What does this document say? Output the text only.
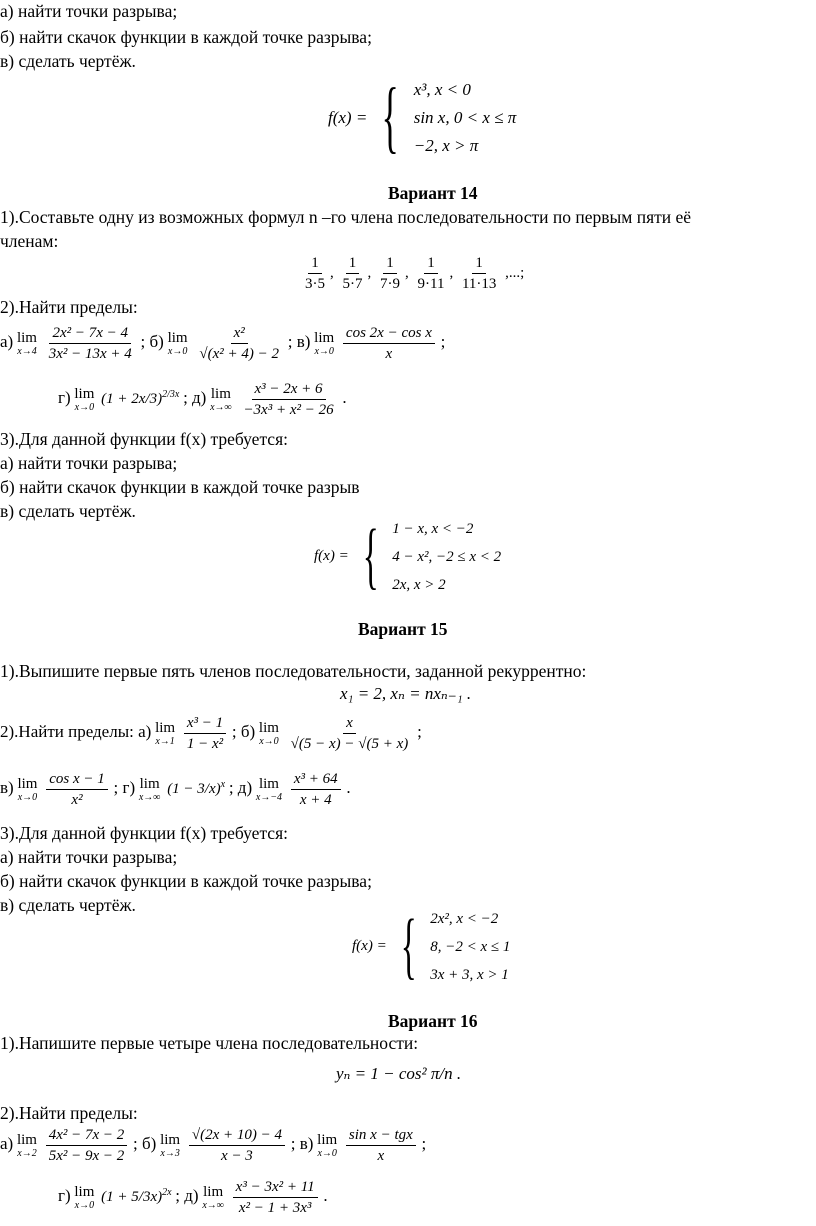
а) найти точки разрыва;
б) найти скачок функции в каждой точке разрыва;
в) сделать чертёж.
f(x) = { x³, x < 0
sin x, 0 < x ≤ π
−2, x > π
Вариант 14
1).Составьте одну из возможных формул n –го члена последовательности по первым пяти её
членам:
$\frac{1}{3\cdot 5}$ , $\frac{1}{5\cdot 7}$ , $\frac{1}{7\cdot 9}$ , $\frac{1}{9\cdot 11}$ , $\frac{1}{11\cdot 13}$ ,...;
2).Найти пределы:
а) lim
x→4
$\frac{\text{2x² − 7x − 4}}{\text{3x² − 13x + 4}}$ ; б) lim
x→0
$\frac{\text{x²}}{\text{√(x² + 4) − 2}}$ ; в) lim
x→0
$\frac{\text{cos 2x − cos x}}{x}$ ;
г) lim
x→0
$(1 + 2x/3)^{2/3x}$ ; д) lim
x→∞
$\frac{\text{x³ − 2x + 6}}{\text{−3x³ + x² − 26}}$ .
3).Для данной функции f(x) требуется:
а) найти точки разрыва;
б) найти скачок функции в каждой точке разрыв
в) сделать чертёж.
f(x) = { 1 − x, x < −2
4 − x², −2 ≤ x < 2
2x, x > 2
Вариант 15
1).Выпишите первые пять членов последовательности, заданной рекуррентно:
x₁ = 2, xₙ = nxₙ₋₁ .
2).Найти пределы: а) lim
x→1
$\frac{\text{x³ − 1}}{\text{1 − x²}}$ ; б) lim
x→0
$\frac{x}{√(5 - x) - √(5 + x)}$ ;
в) lim
x→0
$\frac{\text{cos x − 1}}{\text{x²}}$ ; г) lim
x→∞
$(1 - 3/x)^x$ ; д) lim
x→−4
$\frac{\text{x³ + 64}}{x + 4}$ .
3).Для данной функции f(x) требуется:
а) найти точки разрыва;
б) найти скачок функции в каждой точке разрыва;
в) сделать чертёж.
f(x) = { 2x², x < −2
8, −2 < x ≤ 1
3x + 3, x > 1
Вариант 16
1).Напишите первые четыре члена последовательности:
yₙ = 1 − cos² π/n .
2).Найти пределы:
а) lim
x→2
$\frac{\text{4x² − 7x − 2}}{\text{5x² − 9x − 2}}$ ; б) lim
x→3
$\frac{√(2x + 10) - 4}{x - 3}$ ; в) lim
x→0
$\frac{\text{sin x − tgx}}{x}$ ;
г) lim
x→0
$(1 + 5/3x)^{2x}$ ; д) lim
x→∞
$\frac{\text{x³ − 3x² + 11}}{\text{x² − 1 + 3x³}}$ .
